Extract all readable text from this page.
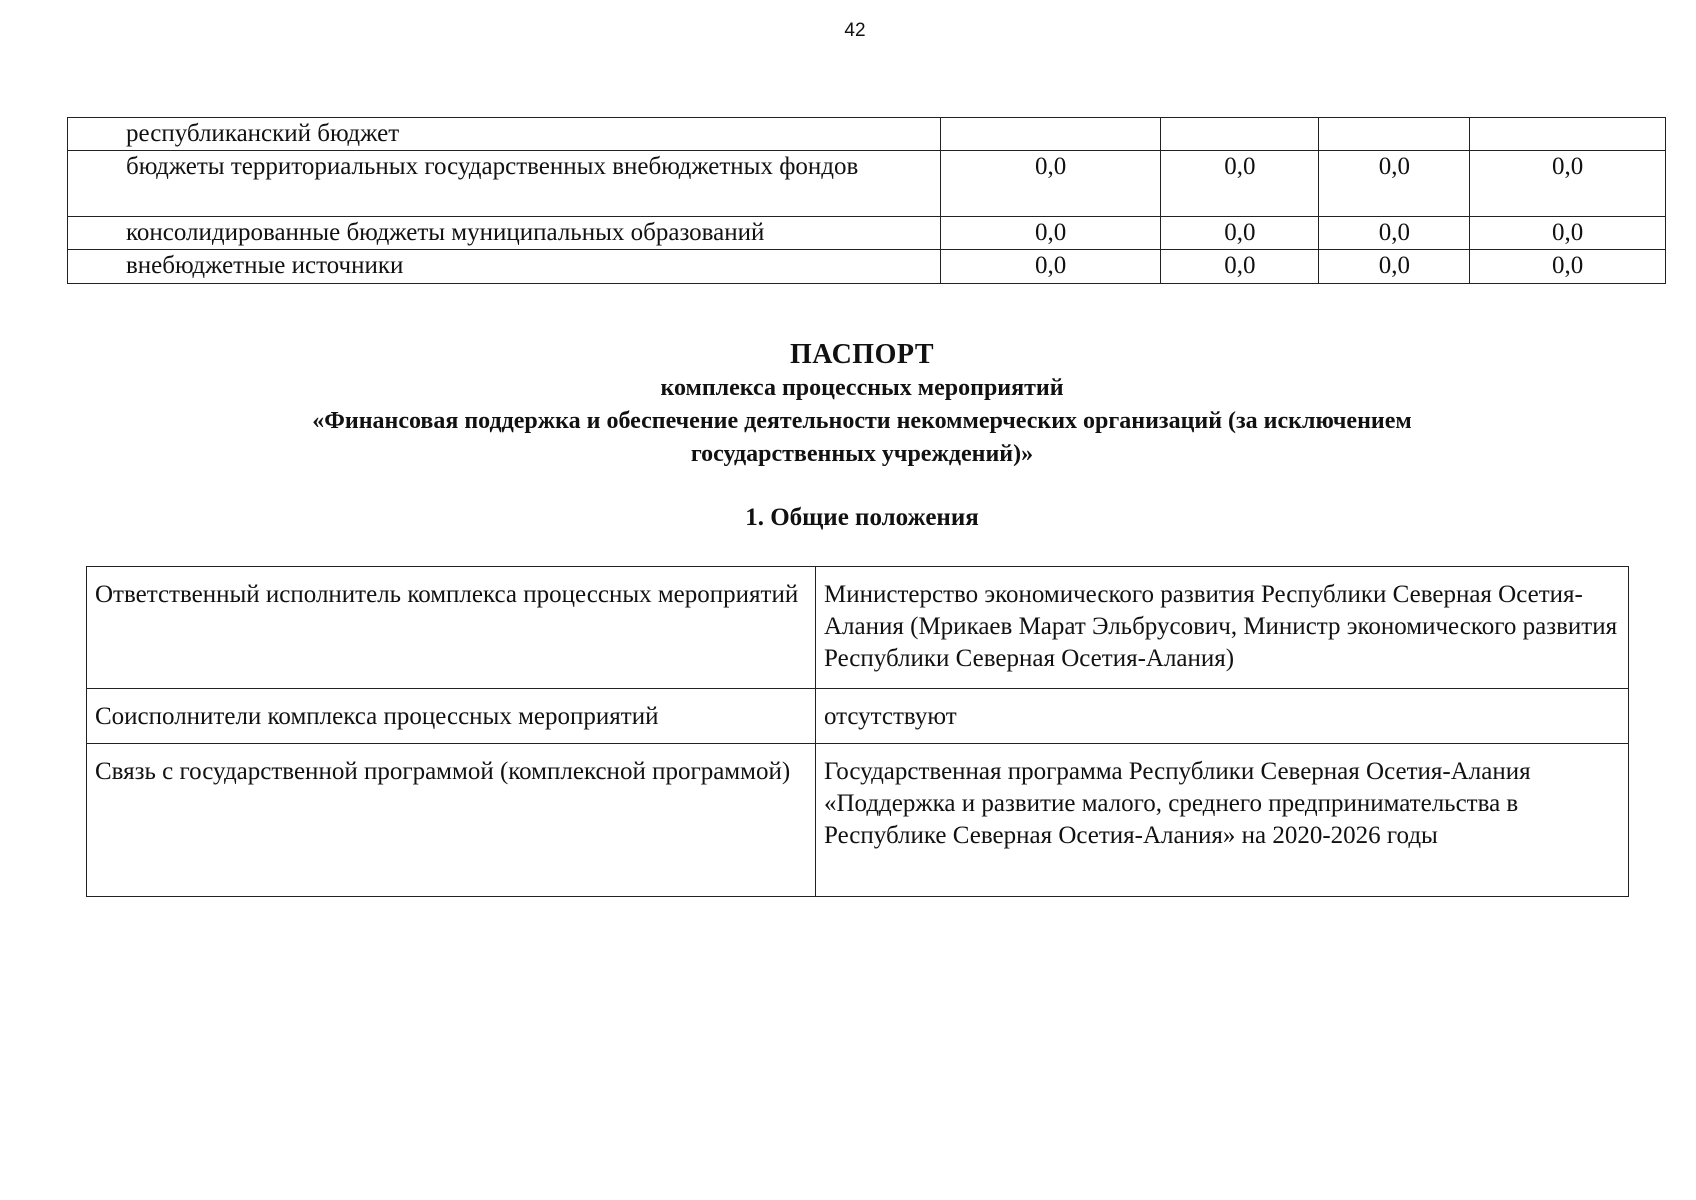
42
республиканский бюджет				
бюджеты территориальных государственных внебюджетных фондов	0,0	0,0	0,0	0,0
консолидированные бюджеты муниципальных образований	0,0	0,0	0,0	0,0
внебюджетные источники	0,0	0,0	0,0	0,0
ПАСПОРТ
комплекса процессных мероприятий
«Финансовая поддержка и обеспечение деятельности некоммерческих организаций (за исключением
государственных учреждений)»
1. Общие положения
Ответственный исполнитель комплекса процессных мероприятий	Министерство экономического развития Республики Северная Осетия-Алания (Мрикаев Марат Эльбрусович, Министр экономического развития Республики Северная Осетия-Алания)
Соисполнители комплекса процессных мероприятий	отсутствуют
Связь с государственной программой (комплексной программой)	Государственная программа Республики Северная Осетия-Алания «Поддержка и развитие малого, среднего предпринимательства в Республике Северная Осетия-Алания» на 2020-2026 годы
